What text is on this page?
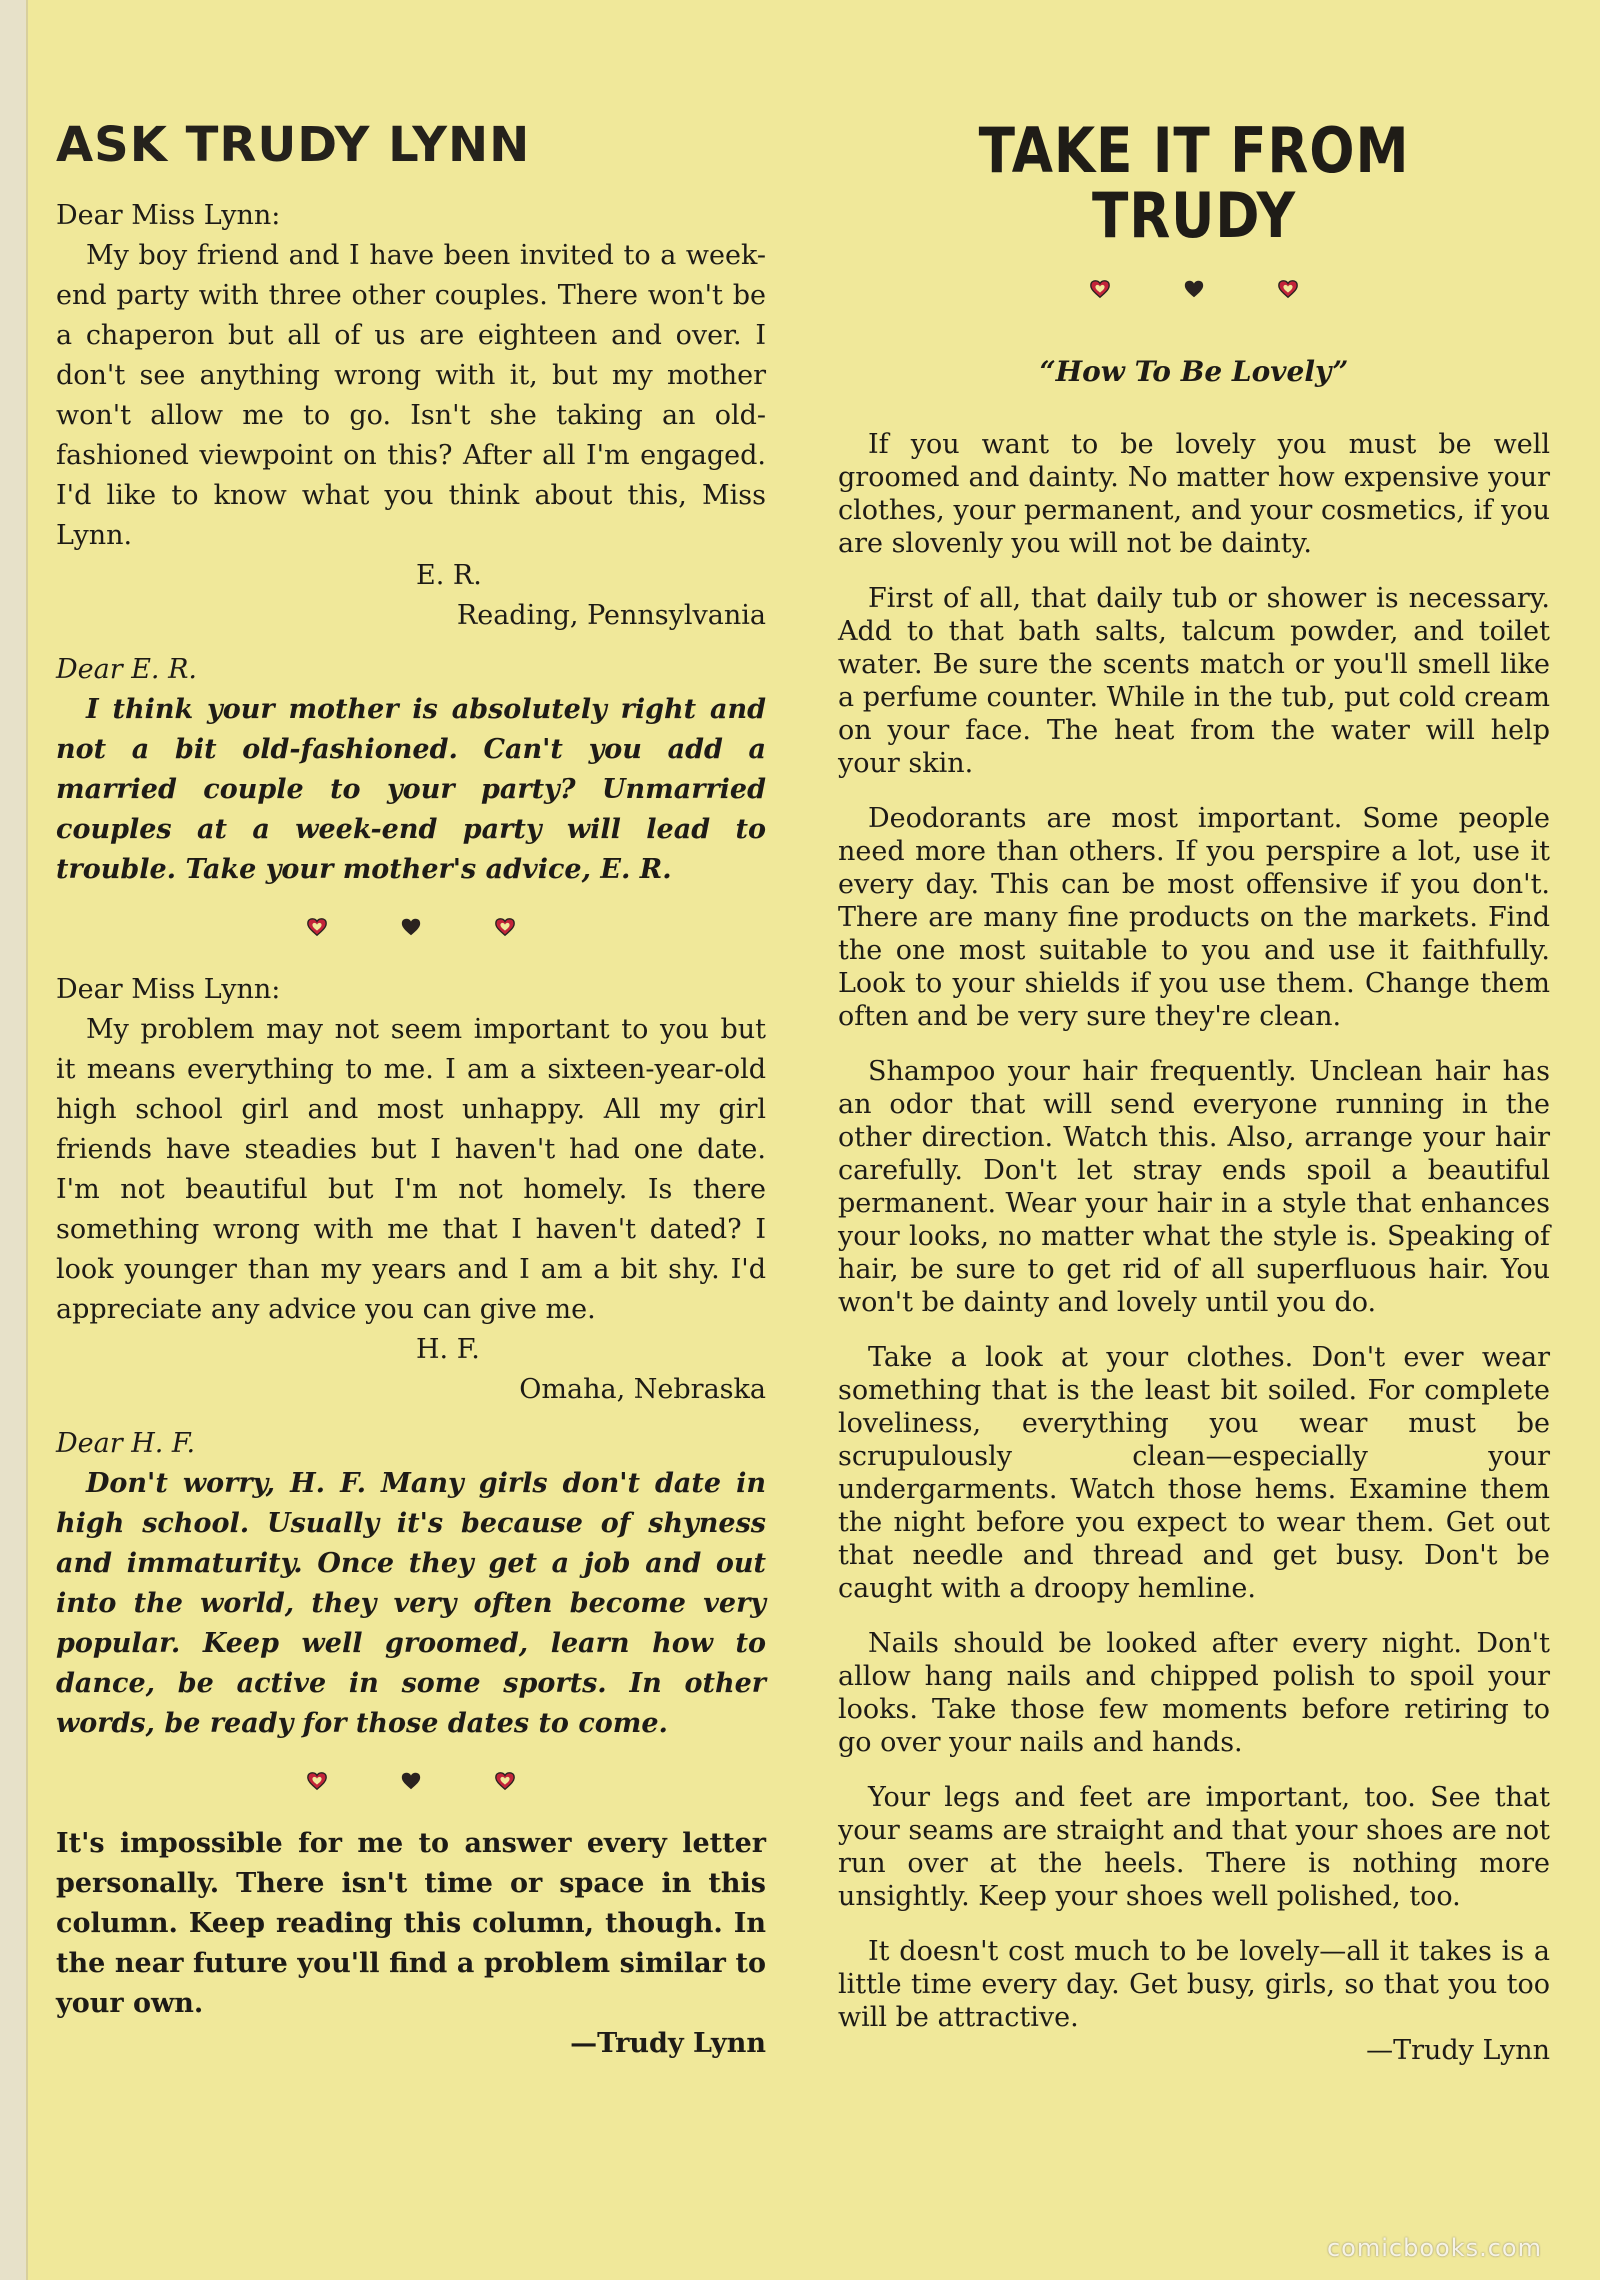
ASK TRUDY LYNN

Dear Miss Lynn:

My boy friend and I have been invited to a week-end party with three other couples. There won't be a chaperon but all of us are eighteen and over. I don't see anything wrong with it, but my mother won't allow me to go. Isn't she taking an old-fashioned viewpoint on this? After all I'm engaged. I'd like to know what you think about this, Miss Lynn.

E. R.

Reading, Pennsylvania

Dear E. R.

I think your mother is absolutely right and not a bit old-fashioned. Can't you add a married couple to your party? Unmarried couples at a week-end party will lead to trouble. Take your mother's advice, E. R.

Dear Miss Lynn:

My problem may not seem important to you but it means everything to me. I am a sixteen-year-old high school girl and most unhappy. All my girl friends have steadies but I haven't had one date. I'm not beautiful but I'm not homely. Is there something wrong with me that I haven't dated? I look younger than my years and I am a bit shy. I'd appreciate any advice you can give me.

H. F.

Omaha, Nebraska

Dear H. F.

Don't worry, H. F. Many girls don't date in high school. Usually it's because of shyness and immaturity. Once they get a job and out into the world, they very often become very popular. Keep well groomed, learn how to dance, be active in some sports. In other words, be ready for those dates to come.

It's impossible for me to answer every letter personally. There isn't time or space in this column. Keep reading this column, though. In the near future you'll find a problem similar to your own.

—Trudy Lynn

TAKE IT FROM TRUDY

“How To Be Lovely”

If you want to be lovely you must be well groomed and dainty. No matter how expensive your clothes, your permanent, and your cosmetics, if you are slovenly you will not be dainty.

First of all, that daily tub or shower is necessary. Add to that bath salts, talcum powder, and toilet water. Be sure the scents match or you'll smell like a perfume counter. While in the tub, put cold cream on your face. The heat from the water will help your skin.

Deodorants are most important. Some people need more than others. If you perspire a lot, use it every day. This can be most offensive if you don't. There are many fine products on the markets. Find the one most suitable to you and use it faithfully. Look to your shields if you use them. Change them often and be very sure they're clean.

Shampoo your hair frequently. Unclean hair has an odor that will send everyone running in the other direction. Watch this. Also, arrange your hair carefully. Don't let stray ends spoil a beautiful permanent. Wear your hair in a style that enhances your looks, no matter what the style is. Speaking of hair, be sure to get rid of all superfluous hair. You won't be dainty and lovely until you do.

Take a look at your clothes. Don't ever wear something that is the least bit soiled. For complete loveliness, everything you wear must be scrupulously clean—especially your undergarments. Watch those hems. Examine them the night before you expect to wear them. Get out that needle and thread and get busy. Don't be caught with a droopy hemline.

Nails should be looked after every night. Don't allow hang nails and chipped polish to spoil your looks. Take those few moments before retiring to go over your nails and hands.

Your legs and feet are important, too. See that your seams are straight and that your shoes are not run over at the heels. There is nothing more unsightly. Keep your shoes well polished, too.

It doesn't cost much to be lovely—all it takes is a little time every day. Get busy, girls, so that you too will be attractive.

—Trudy Lynn

comicbooks.com
